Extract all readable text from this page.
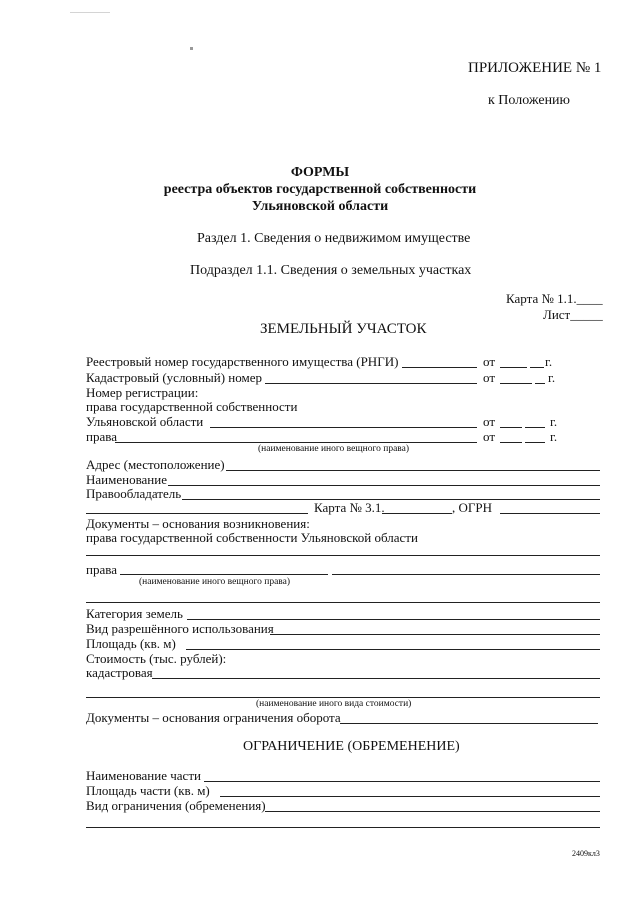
ПРИЛОЖЕНИЕ № 1
к Положению
ФОРМЫ
реестра объектов государственной собственности
Ульяновской области
Раздел 1. Сведения о недвижимом имуществе
Подраздел 1.1. Сведения о земельных участках
Карта № 1.1.____
Лист_____
ЗЕМЕЛЬНЫЙ УЧАСТОК
Реестровый номер государственного имущества (РНГИ)	от	г.
Кадастровый (условный) номер	от	г.
Номер регистрации:
права государственной собственности
Ульяновской области	от	г.
права	от	г.
(наименование иного вещного права)
Адрес (местоположение)
Наименование
Правообладатель
Карта № 3.1.	, ОГРН
Документы – основания возникновения:
права государственной собственности Ульяновской области
права
(наименование иного вещного права)
Категория земель
Вид разрешённого использования
Площадь (кв. м)
Стоимость (тыс. рублей):
кадастровая
(наименование иного вида стоимости)
Документы – основания ограничения оборота
ОГРАНИЧЕНИЕ (ОБРЕМЕНЕНИЕ)
Наименование части
Площадь части (кв. м)
Вид ограничения (обременения)
2409кл3
